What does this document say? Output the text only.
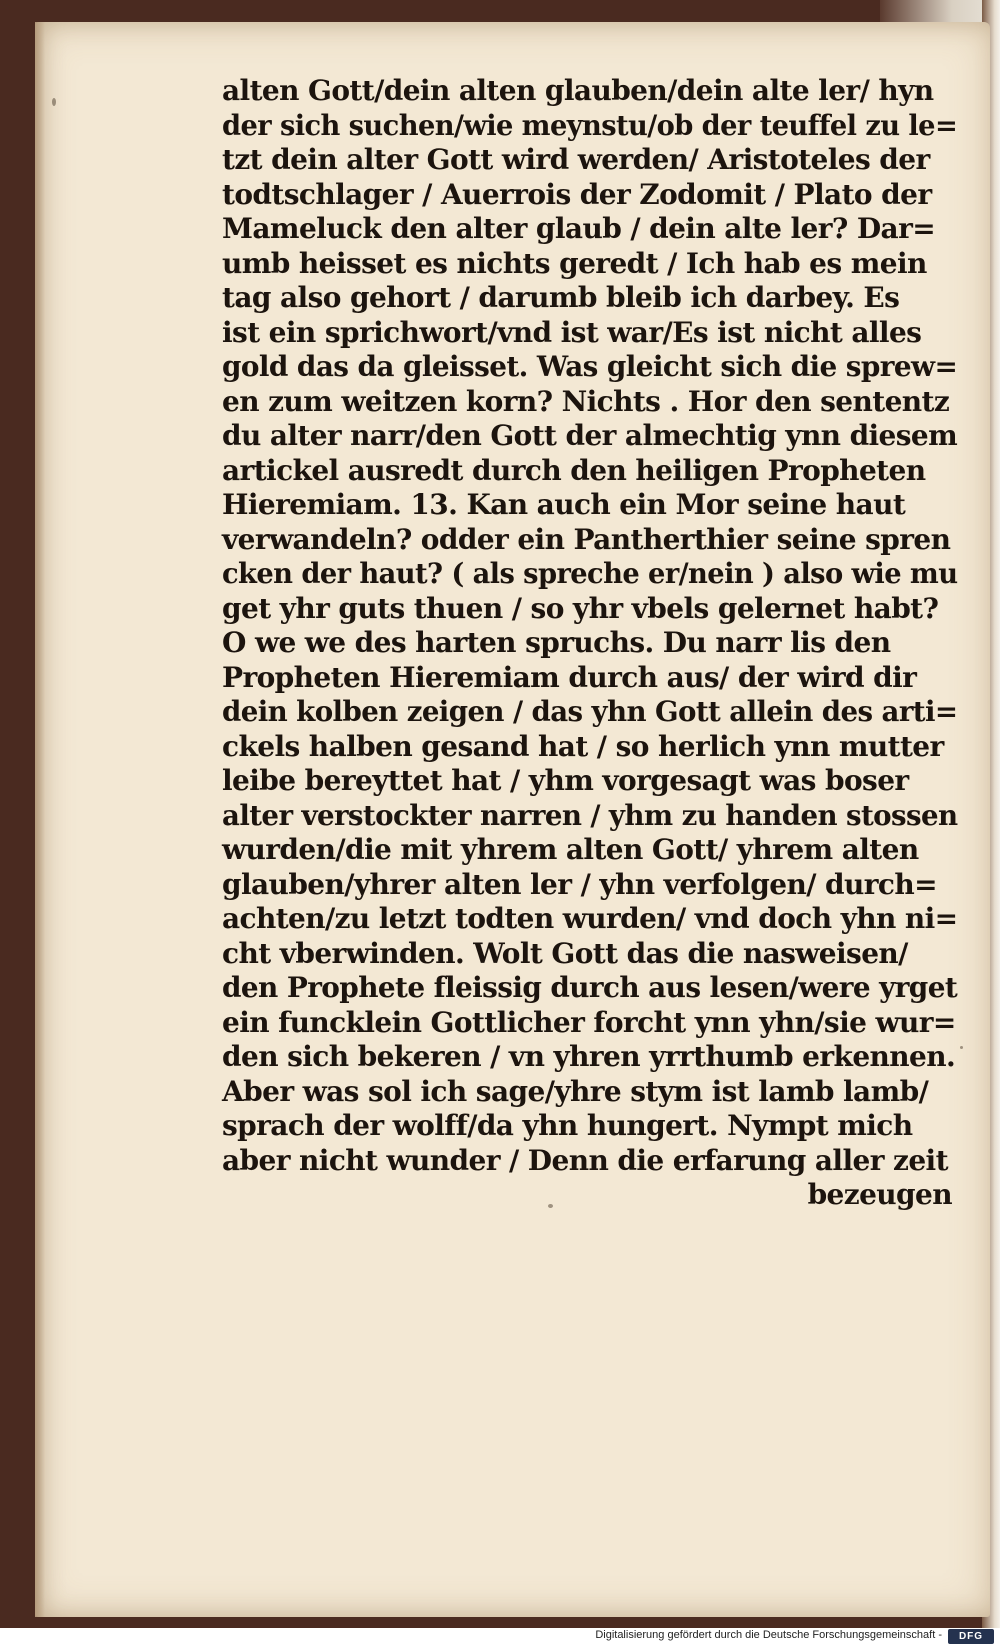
alten Gott/dein alten glauben/dein alte ler/ hyn
der sich suchen/wie meynstu/ob der teuffel zu le=
tzt dein alter Gott wird werden/ Aristoteles der
todtschlager / Auerrois der Zodomit / Plato der
Mameluck den alter glaub / dein alte ler? Dar=
umb heisset es nichts geredt / Ich hab es mein
tag also gehort / darumb bleib ich darbey. Es
ist ein sprichwort/vnd ist war/Es ist nicht alles
gold das da gleisset. Was gleicht sich die sprew=
en zum weitzen korn? Nichts . Hor den sententz
du alter narr/den Gott der almechtig ynn diesem
artickel ausredt durch den heiligen Propheten
Hieremiam. 13. Kan auch ein Mor seine haut
verwandeln? odder ein Pantherthier seine spren
cken der haut? ( als spreche er/nein ) also wie mu
get yhr guts thuen / so yhr vbels gelernet habt?
O we we des harten spruchs. Du narr lis den
Propheten Hieremiam durch aus/ der wird dir
dein kolben zeigen / das yhn Gott allein des arti=
ckels halben gesand hat / so herlich ynn mutter
leibe bereyttet hat / yhm vorgesagt was boser
alter verstockter narren / yhm zu handen stossen
wurden/die mit yhrem alten Gott/ yhrem alten
glauben/yhrer alten ler / yhn verfolgen/ durch=
achten/zu letzt todten wurden/ vnd doch yhn ni=
cht vberwinden. Wolt Gott das die nasweisen/
den Prophete fleissig durch aus lesen/were yrget
ein funcklein Gottlicher forcht ynn yhn/sie wur=
den sich bekeren / vn yhren yrrthumb erkennen.
Aber was sol ich sage/yhre stym ist lamb lamb/
sprach der wolff/da yhn hungert. Nympt mich
aber nicht wunder / Denn die erfarung aller zeit
bezeugen
Digitalisierung gefördert durch die Deutsche Forschungsgemeinschaft -	DFG
